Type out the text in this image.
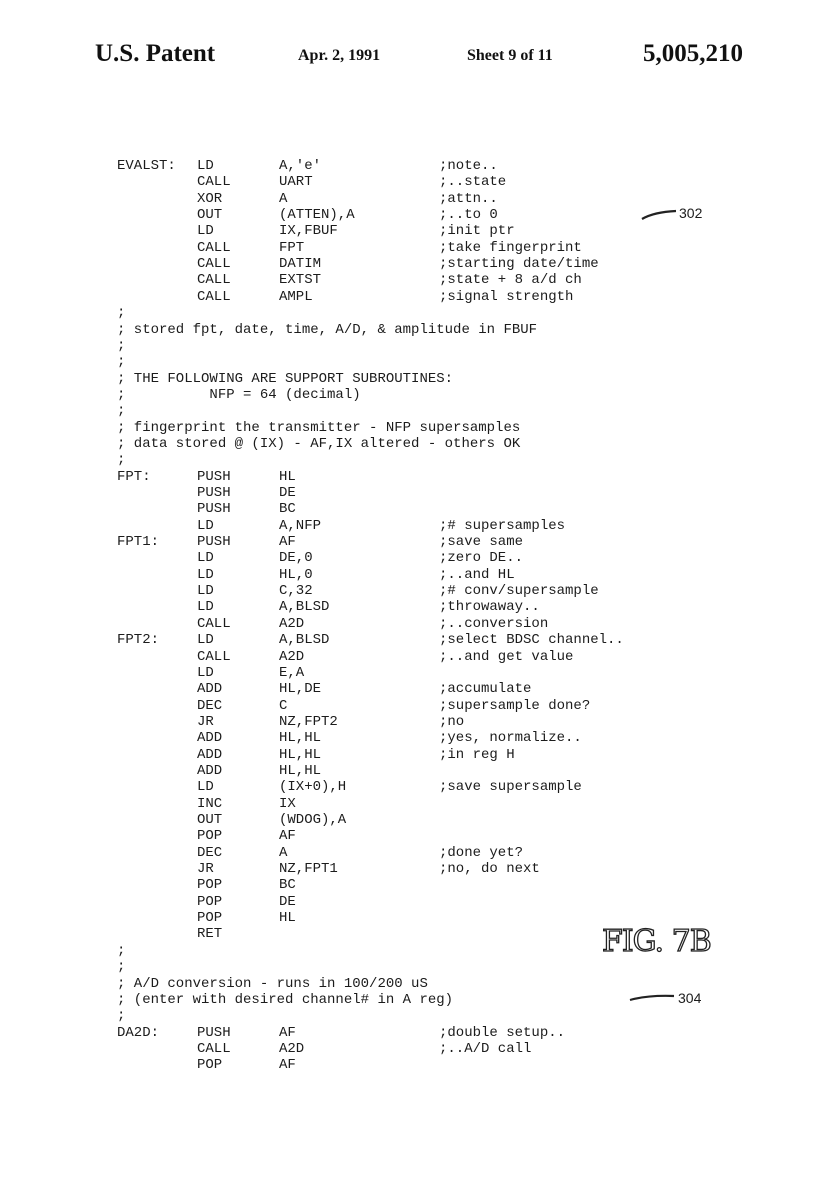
U.S. Patent	Apr. 2, 1991	Sheet 9 of 11	5,005,210
EVALST: LD	A,'e'	;note..
CALL	UART	;..state
XOR	A	;attn..
OUT	(ATTEN),A	;..to 0
LD	IX,FBUF	;init ptr
CALL	FPT	;take fingerprint
CALL	DATIM	;starting date/time
CALL	EXTST	;state + 8 a/d ch
CALL	AMPL	;signal strength
;
; stored fpt, date, time, A/D, & amplitude in FBUF
;
;
; THE FOLLOWING ARE SUPPORT SUBROUTINES:
;          NFP = 64 (decimal)
;
; fingerprint the transmitter - NFP supersamples
; data stored @ (IX) - AF,IX altered - others OK
;
FPT:	PUSH	HL
PUSH	DE
PUSH	BC
LD	A,NFP	;# supersamples
FPT1:	PUSH	AF	;save same
LD	DE,0	;zero DE..
LD	HL,0	;..and HL
LD	C,32	;# conv/supersample
LD	A,BLSD	;throwaway..
CALL	A2D	;..conversion
FPT2:	LD	A,BLSD	;select BDSC channel..
CALL	A2D	;..and get value
LD	E,A
ADD	HL,DE	;accumulate
DEC	C	;supersample done?
JR	NZ,FPT2	;no
ADD	HL,HL	;yes, normalize..
ADD	HL,HL	;in reg H
ADD	HL,HL
LD	(IX+0),H	;save supersample
INC	IX
OUT	(WDOG),A
POP	AF
DEC	A	;done yet?
JR	NZ,FPT1	;no, do next
POP	BC
POP	DE
POP	HL
RET
;
;
; A/D conversion - runs in 100/200 uS
; (enter with desired channel# in A reg)
;
DA2D:	PUSH	AF	;double setup..
CALL	A2D	;..A/D call
POP	AF
302
304
FIG. 7B
